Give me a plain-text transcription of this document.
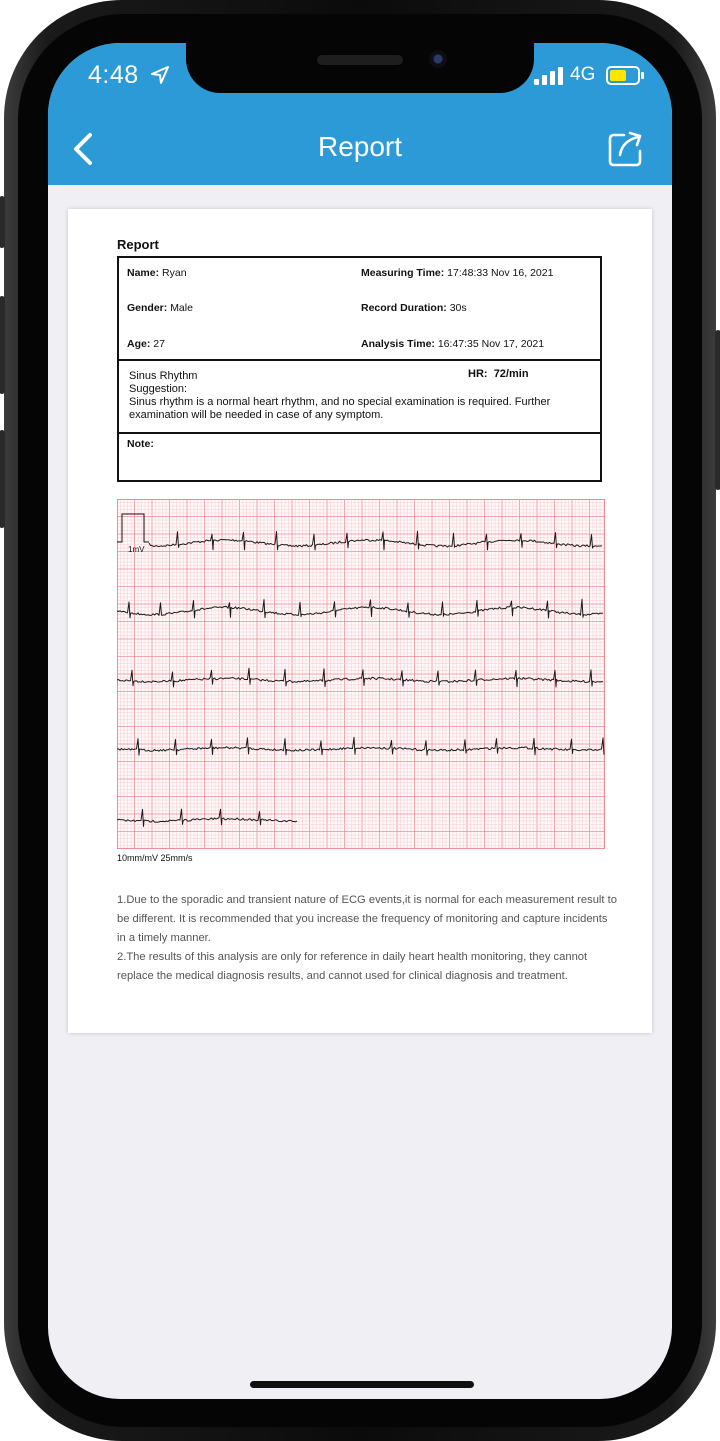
4:48	4G
Report
Report
Name: Ryan	Measuring Time: 17:48:33 Nov 16, 2021
Gender: Male	Record Duration: 30s
Age: 27	Analysis Time: 16:47:35 Nov 17, 2021
Sinus Rhythm
Suggestion:
Sinus rhythm is a normal heart rhythm, and no special examination is required. Further examination will be needed in case of any symptom.
HR: 72/min
Note:
1mV
10mm/mV 25mm/s
1.Due to the sporadic and transient nature of ECG events,it is normal for each measurement result to be different. It is recommended that you increase the frequency of monitoring and capture incidents in a timely manner.
2.The results of this analysis are only for reference in daily heart health monitoring, they cannot replace the medical diagnosis results, and cannot used for clinical diagnosis and treatment.
